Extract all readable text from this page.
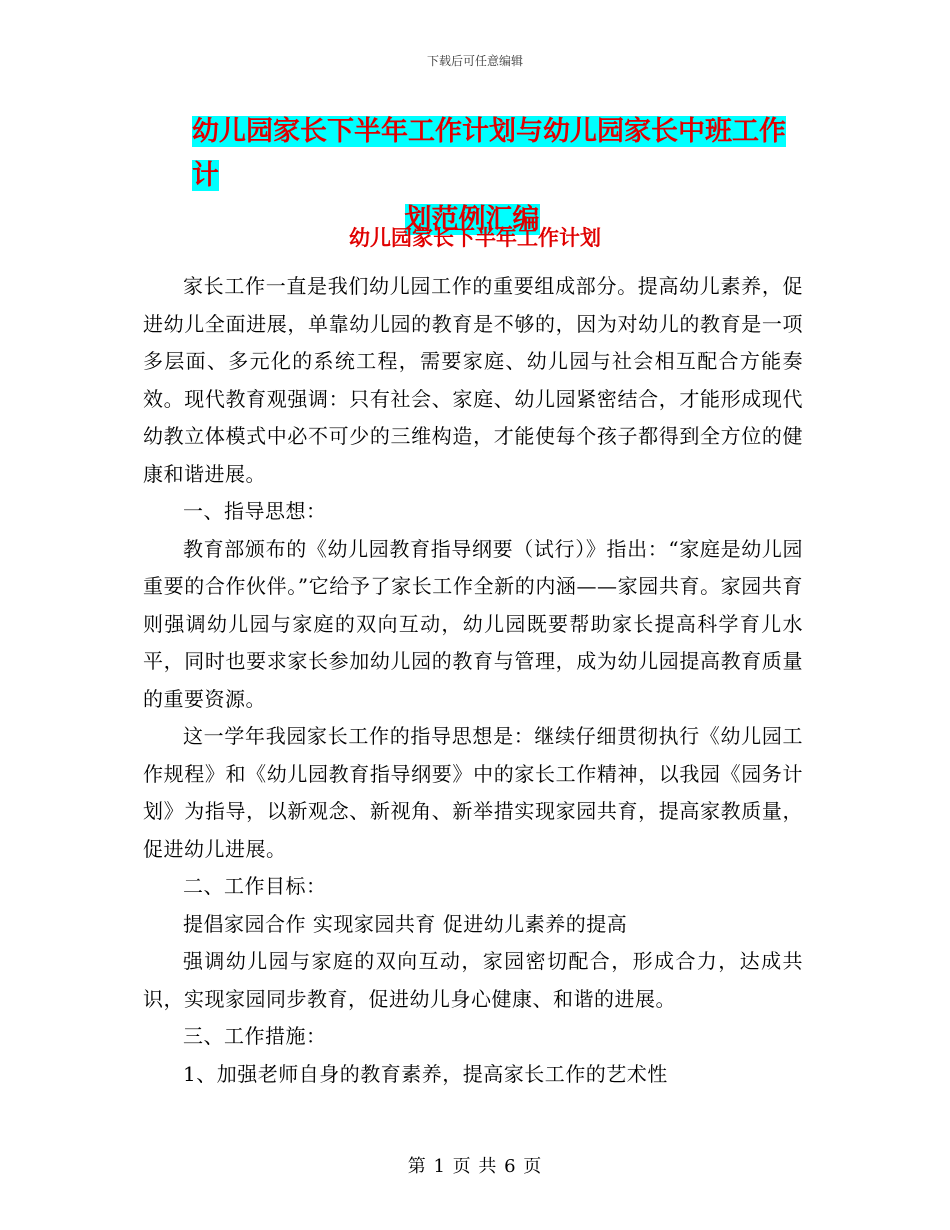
下载后可任意编辑
幼儿园家长下半年工作计划与幼儿园家长中班工作计
划范例汇编
幼儿园家长下半年工作计划

家长工作一直是我们幼儿园工作的重要组成部分。提高幼儿素养，促进幼儿全面进展，单靠幼儿园的教育是不够的，因为对幼儿的教育是一项多层面、多元化的系统工程，需要家庭、幼儿园与社会相互配合方能奏效。现代教育观强调：只有社会、家庭、幼儿园紧密结合，才能形成现代幼教立体模式中必不可少的三维构造，才能使每个孩子都得到全方位的健康和谐进展。

一、指导思想：

教育部颁布的《幼儿园教育指导纲要（试行）》指出：“家庭是幼儿园重要的合作伙伴。”它给予了家长工作全新的内涵——家园共育。家园共育则强调幼儿园与家庭的双向互动，幼儿园既要帮助家长提高科学育儿水平，同时也要求家长参加幼儿园的教育与管理，成为幼儿园提高教育质量的重要资源。

这一学年我园家长工作的指导思想是：继续仔细贯彻执行《幼儿园工作规程》和《幼儿园教育指导纲要》中的家长工作精神，以我园《园务计划》为指导，以新观念、新视角、新举措实现家园共育，提高家教质量，促进幼儿进展。

二、工作目标：

提倡家园合作 实现家园共育 促进幼儿素养的提高

强调幼儿园与家庭的双向互动，家园密切配合，形成合力，达成共识，实现家园同步教育，促进幼儿身心健康、和谐的进展。

三、工作措施：

1、加强老师自身的教育素养，提高家长工作的艺术性

第 1 页 共 6 页
